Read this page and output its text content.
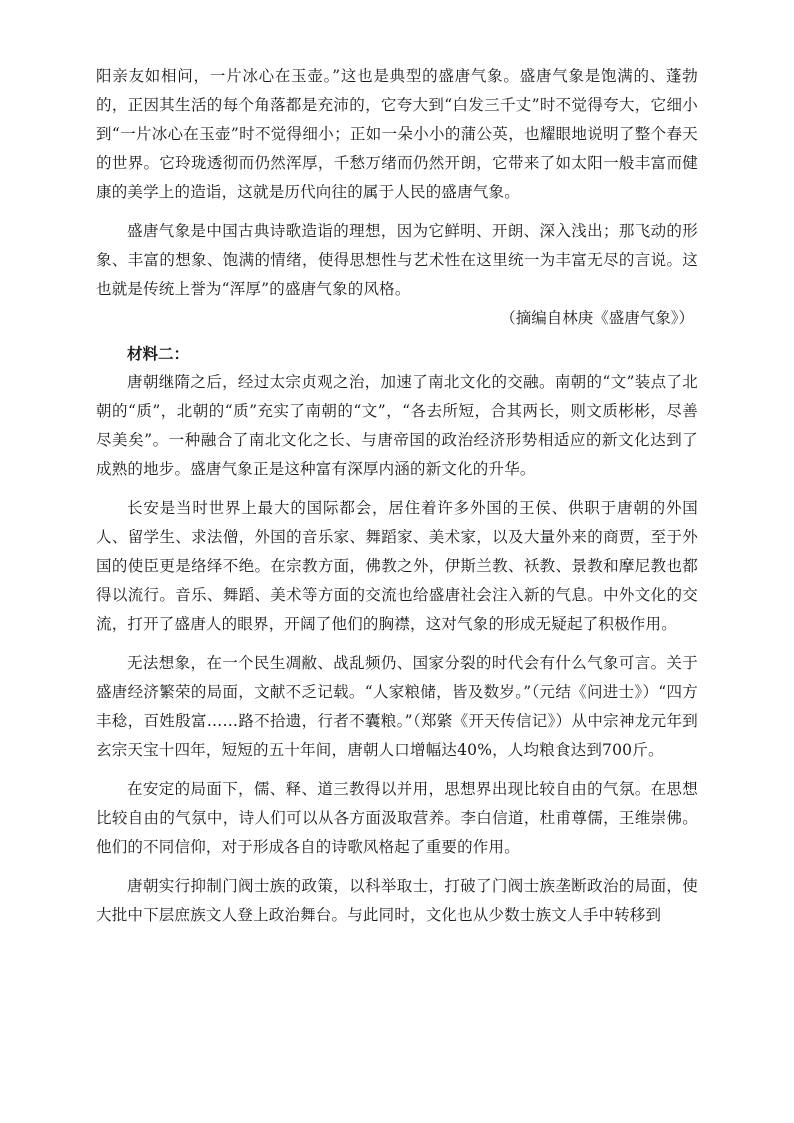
阳亲友如相问，一片冰心在玉壶。”这也是典型的盛唐气象。盛唐气象是饱满的、蓬勃的，正因其生活的每个角落都是充沛的，它夸大到“白发三千丈”时不觉得夸大，它细小到“一片冰心在玉壶”时不觉得细小；正如一朵小小的蒲公英，也耀眼地说明了整个春天的世界。它玲珑透彻而仍然浑厚，千愁万绪而仍然开朗，它带来了如太阳一般丰富而健康的美学上的造诣，这就是历代向往的属于人民的盛唐气象。

盛唐气象是中国古典诗歌造诣的理想，因为它鲜明、开朗、深入浅出；那飞动的形象、丰富的想象、饱满的情绪，使得思想性与艺术性在这里统一为丰富无尽的言说。这也就是传统上誉为“浑厚”的盛唐气象的风格。

（摘编自林庚《盛唐气象》）

材料二：

唐朝继隋之后，经过太宗贞观之治，加速了南北文化的交融。南朝的“文”装点了北朝的“质”，北朝的“质”充实了南朝的“文”，“各去所短，合其两长，则文质彬彬，尽善尽美矣”。一种融合了南北文化之长、与唐帝国的政治经济形势相适应的新文化达到了成熟的地步。盛唐气象正是这种富有深厚内涵的新文化的升华。

长安是当时世界上最大的国际都会，居住着许多外国的王侯、供职于唐朝的外国人、留学生、求法僧，外国的音乐家、舞蹈家、美术家，以及大量外来的商贾，至于外国的使臣更是络绎不绝。在宗教方面，佛教之外，伊斯兰教、袄教、景教和摩尼教也都得以流行。音乐、舞蹈、美术等方面的交流也给盛唐社会注入新的气息。中外文化的交流，打开了盛唐人的眼界，开阔了他们的胸襟，这对气象的形成无疑起了积极作用。

无法想象，在一个民生凋敝、战乱频仍、国家分裂的时代会有什么气象可言。关于盛唐经济繁荣的局面，文献不乏记载。“人家粮储，皆及数岁。”（元结《问进士》）“四方丰稔，百姓殷富……路不拾遗，行者不囊粮。”（郑綮《开天传信记》）从中宗神龙元年到玄宗天宝十四年，短短的五十年间，唐朝人口增幅达40%，人均粮食达到700斤。

在安定的局面下，儒、释、道三教得以并用，思想界出现比较自由的气氛。在思想比较自由的气氛中，诗人们可以从各方面汲取营养。李白信道，杜甫尊儒，王维崇佛。他们的不同信仰，对于形成各自的诗歌风格起了重要的作用。

唐朝实行抑制门阀士族的政策，以科举取士，打破了门阀士族垄断政治的局面，使大批中下层庶族文人登上政治舞台。与此同时，文化也从少数士族文人手中转移到
